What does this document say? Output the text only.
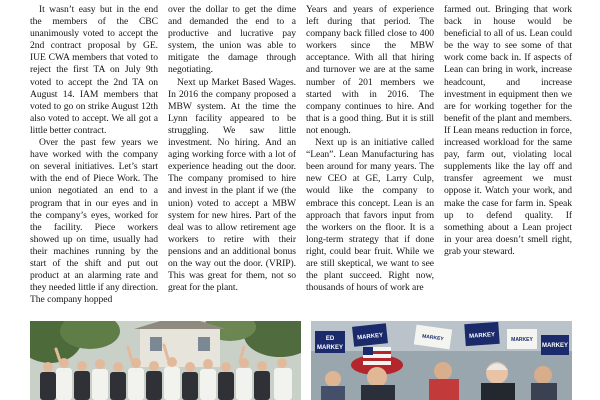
It wasn’t easy but in the end the members of the CBC unanimously voted to accept the 2nd contract proposal by GE. IUE CWA members that voted to reject the first TA on July 9th voted to accept the 2nd TA on August 14. IAM members that voted to go on strike August 12th also voted to accept. We all got a little better contract.

Over the past few years we have worked with the company on several initiatives. Let’s start with the end of Piece Work. The union negotiated an end to a program that in our eyes and in the company’s eyes, worked for the facility. Piece workers showed up on time, usually had their machines running by the start of the shift and put out product at an alarming rate and they needed little if any direction. The company hopped

over the dollar to get the dime and demanded the end to a productive and lucrative pay system, the union was able to mitigate the damage through negotiating.

Next up Market Based Wages. In 2016 the company proposed a MBW system. At the time the Lynn facility appeared to be struggling. We saw little investment. No hiring. And an aging working force with a lot of experience heading out the door. The company promised to hire and invest in the plant if we (the union) voted to accept a MBW system for new hires. Part of the deal was to allow retirement age workers to retire with their pensions and an additional bonus on the way out the door. (VRIP). This was great for them, not so great for the plant.

Years and years of experience left during that period. The company back filled close to 400 workers since the MBW acceptance. With all that hiring and turnover we are at the same number of 201 members we started with in 2016. The company continues to hire. And that is a good thing. But it is still not enough.

Next up is an initiative called “Lean”. Lean Manufacturing has been around for many years. The new CEO at GE, Larry Culp, would like the company to embrace this concept. Lean is an approach that favors input from the workers on the floor. It is a long-term strategy that if done right, could bear fruit. While we are still skeptical, we want to see the plant succeed. Right now, thousands of hours of work are

farmed out. Bringing that work back in house would be beneficial to all of us. Lean could be the way to see some of that work come back in. If aspects of Lean can bring in work, increase headcount, and increase investment in equipment then we are for working together for the benefit of the plant and members. If Lean means reduction in force, increased workload for the same pay, farm out, violating local supplements like the lay off and transfer agreement we must oppose it. Watch your work, and make the case for farm in. Speak up to defend quality. If something about a Lean project in your area doesn’t smell right, grab your steward.

ED
MARKEY
MARKEY	MARKEY	MARKEY
MARKEY
MARKEY
